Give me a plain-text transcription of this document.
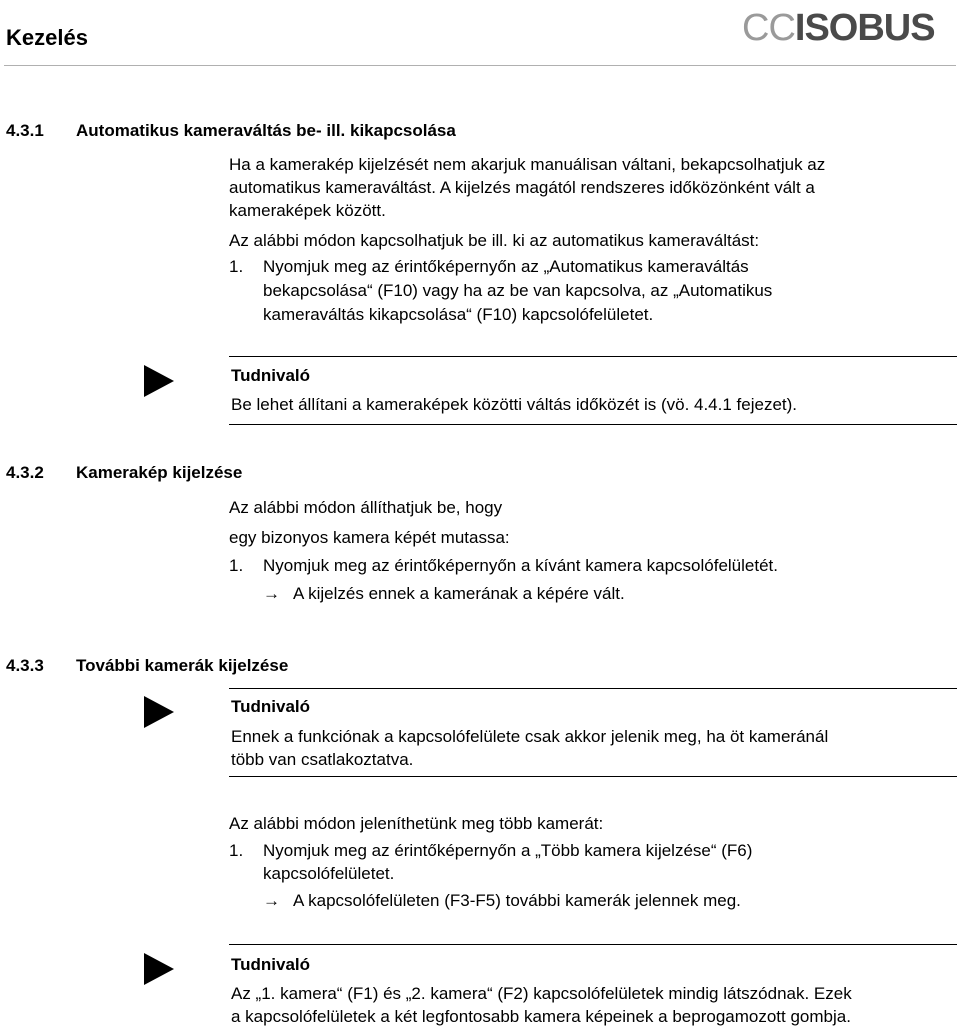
Kezelés	CCISOBUS
4.3.1 Automatikus kameraváltás be- ill. kikapcsolása
Ha a kamerakép kijelzését nem akarjuk manuálisan váltani, bekapcsolhatjuk az
automatikus kameraváltást. A kijelzés magától rendszeres időközönként vált a
kameraképek között.
Az alábbi módon kapcsolhatjuk be ill. ki az automatikus kameraváltást:
1. Nyomjuk meg az érintőképernyőn az „Automatikus kameraváltás
bekapcsolása“ (F10) vagy ha az be van kapcsolva, az „Automatikus
kameraváltás kikapcsolása“ (F10) kapcsolófelületet.
Tudnivaló
Be lehet állítani a kameraképek közötti váltás időközét is (vö. 4.4.1 fejezet).
4.3.2 Kamerakép kijelzése
Az alábbi módon állíthatjuk be, hogy
egy bizonyos kamera képét mutassa:
1. Nyomjuk meg az érintőképernyőn a kívánt kamera kapcsolófelületét.
→ A kijelzés ennek a kamerának a képére vált.
4.3.3 További kamerák kijelzése
Tudnivaló
Ennek a funkciónak a kapcsolófelülete csak akkor jelenik meg, ha öt kameránál
több van csatlakoztatva.
Az alábbi módon jeleníthetünk meg több kamerát:
1. Nyomjuk meg az érintőképernyőn a „Több kamera kijelzése“ (F6)
kapcsolófelületet.
→ A kapcsolófelületen (F3-F5) további kamerák jelennek meg.
Tudnivaló
Az „1. kamera“ (F1) és „2. kamera“ (F2) kapcsolófelületek mindig látszódnak. Ezek
a kapcsolófelületek a két legfontosabb kamera képeinek a beprogamozott gombja.
